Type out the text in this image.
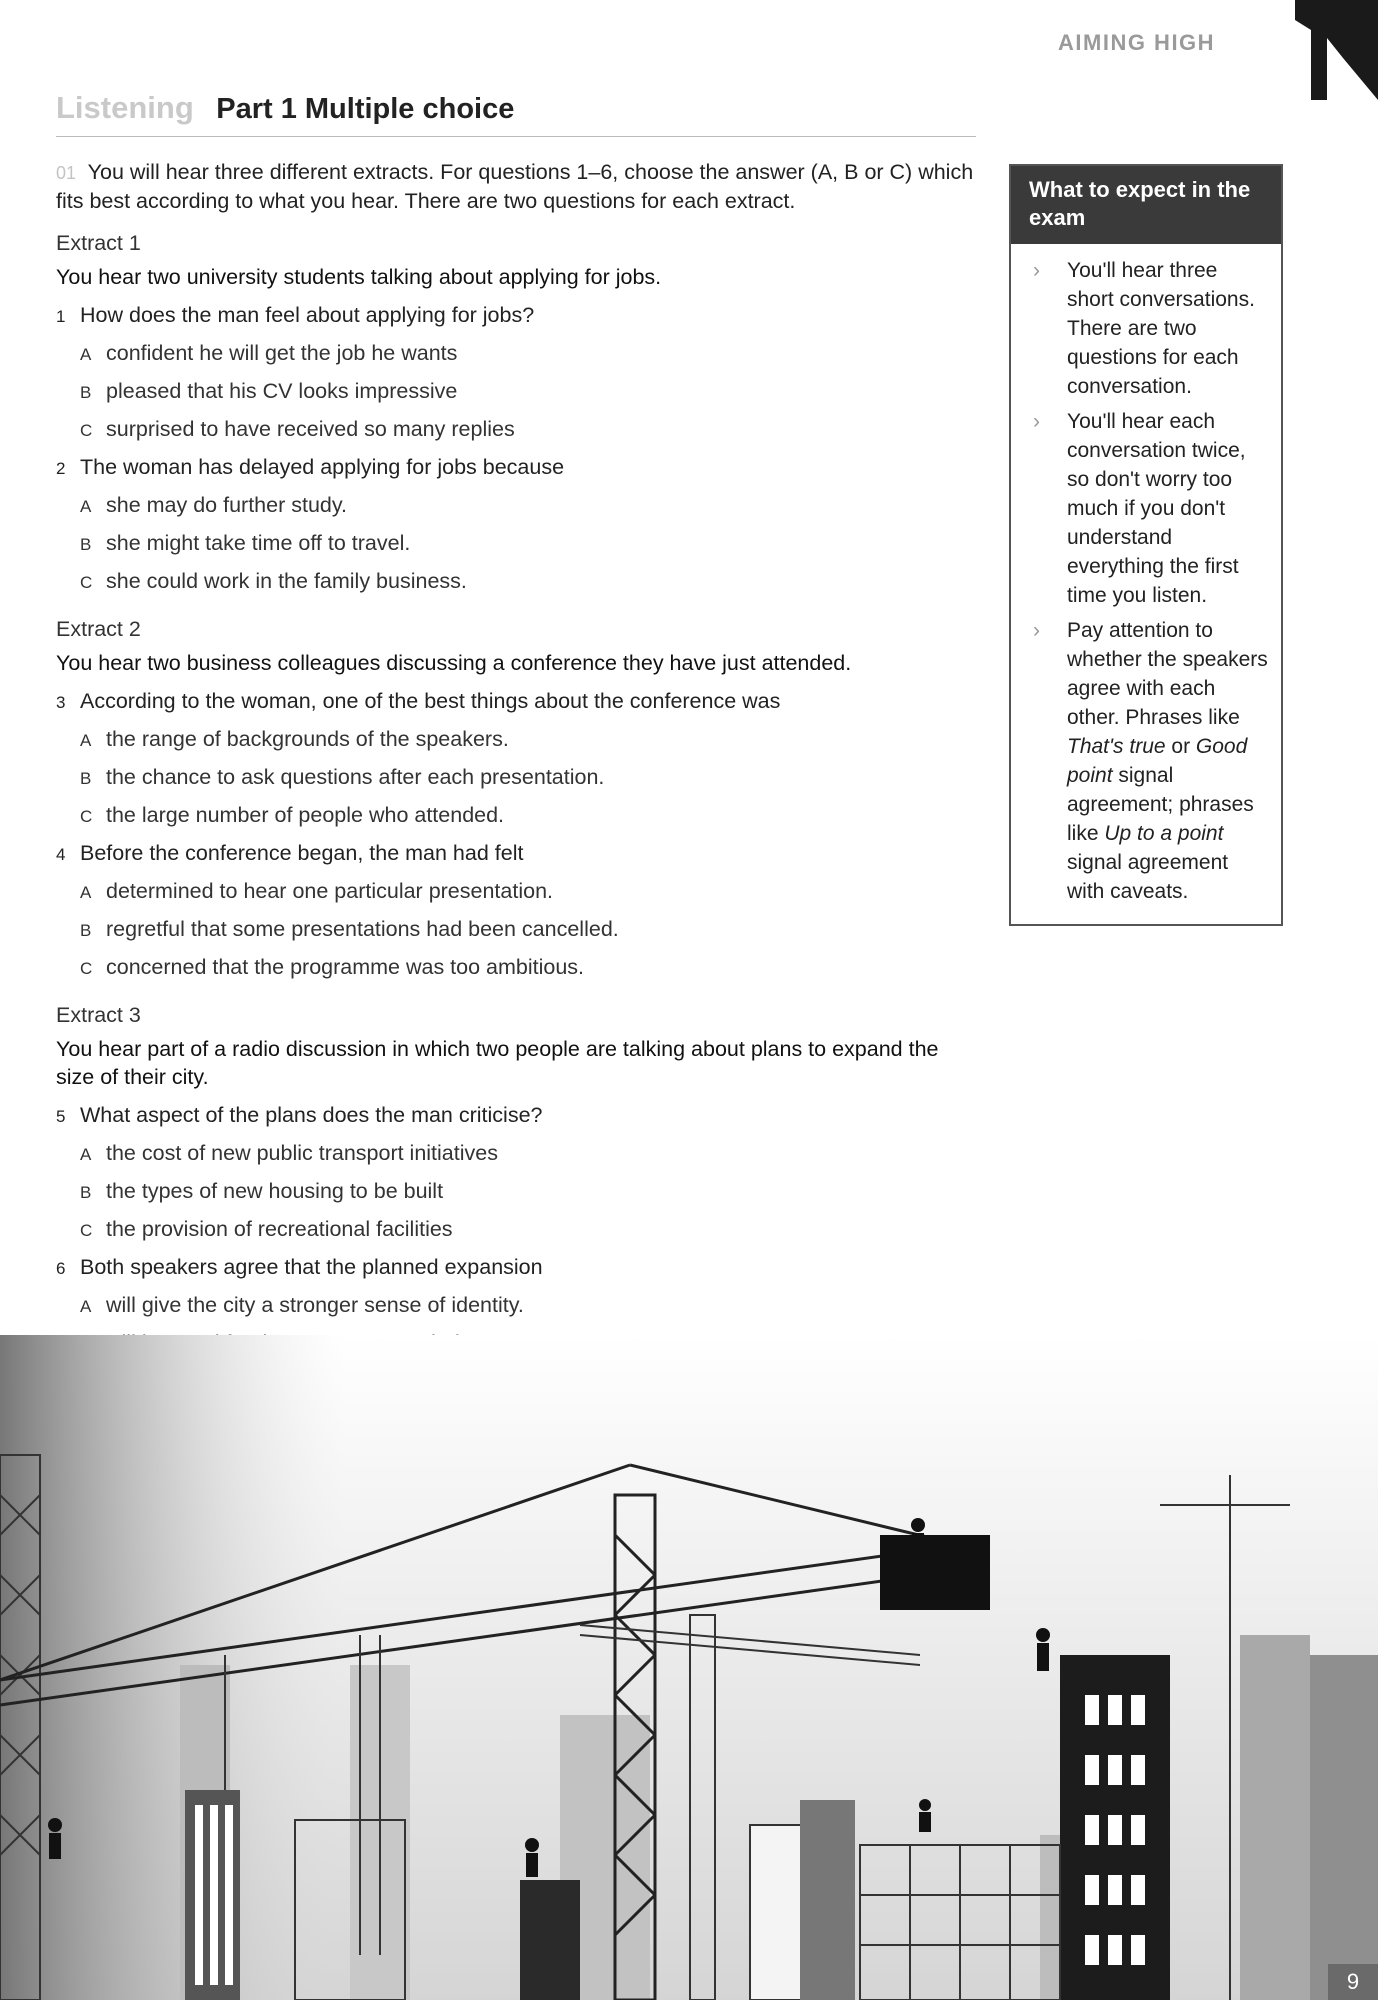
AIMING HIGH	1
Listening Part 1 Multiple choice

01 You will hear three different extracts. For questions 1–6, choose the answer (A, B or C) which fits best according to what you hear. There are two questions for each extract.

Extract 1
You hear two university students talking about applying for jobs.
1 How does the man feel about applying for jobs?
A confident he will get the job he wants
B pleased that his CV looks impressive
C surprised to have received so many replies
2 The woman has delayed applying for jobs because
A she may do further study.
B she might take time off to travel.
C she could work in the family business.
Extract 2
You hear two business colleagues discussing a conference they have just attended.
3 According to the woman, one of the best things about the conference was
A the range of backgrounds of the speakers.
B the chance to ask questions after each presentation.
C the large number of people who attended.
4 Before the conference began, the man had felt
A determined to hear one particular presentation.
B regretful that some presentations had been cancelled.
C concerned that the programme was too ambitious.
Extract 3
You hear part of a radio discussion in which two people are talking about plans to expand the size of their city.
5 What aspect of the plans does the man criticise?
A the cost of new public transport initiatives
B the types of new housing to be built
C the provision of recreational facilities
6 Both speakers agree that the planned expansion
A will give the city a stronger sense of identity.
What to expect in the exam
› You'll hear three short conversations. There are two questions for each conversation.
› You'll hear each conversation twice, so don't worry too much if you don't understand everything the first time you listen.
› Pay attention to whether the speakers agree with each other. Phrases like That's true or Good point signal agreement; phrases like Up to a point signal agreement with caveats.
9
